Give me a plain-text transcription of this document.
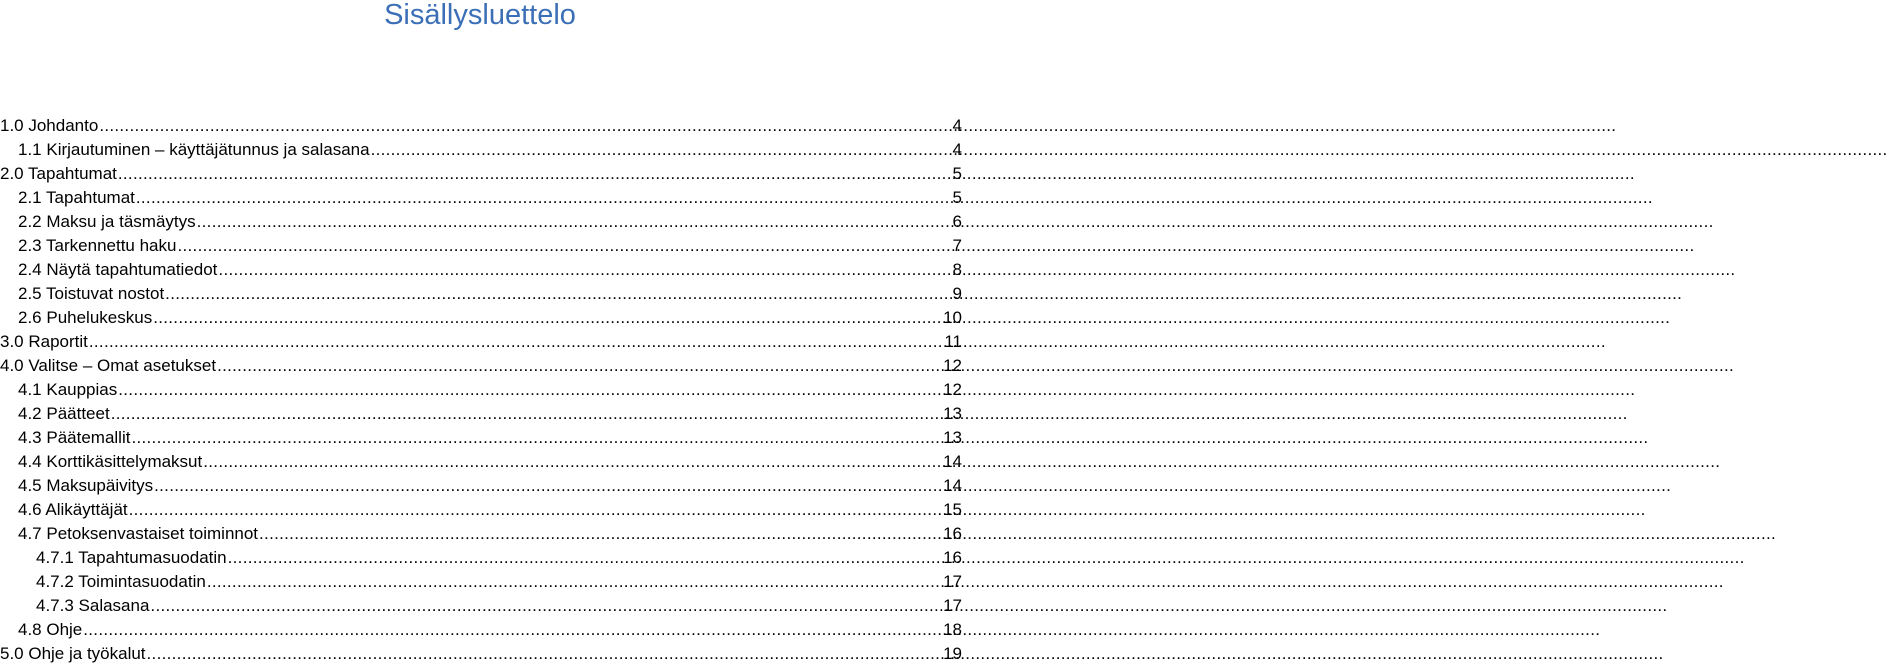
Sisällysluettelo
1.0 Johdanto .....	4
1.1 Kirjautuminen – käyttäjätunnus ja salasana .....	4
2.0 Tapahtumat .....	5
2.1 Tapahtumat .....	5
2.2 Maksu ja täsmäytys .....	6
2.3 Tarkennettu haku .....	7
2.4 Näytä tapahtumatiedot .....	8
2.5 Toistuvat nostot .....	9
2.6 Puhelukeskus .....	10
3.0 Raportit .....	11
4.0 Valitse – Omat asetukset .....	12
4.1 Kauppias .....	12
4.2 Päätteet .....	13
4.3 Päätemallit .....	13
4.4 Korttikäsittelymaksut .....	14
4.5 Maksupäivitys .....	14
4.6 Alikäyttäjät .....	15
4.7 Petoksenvastaiset toiminnot .....	16
4.7.1 Tapahtumasuodatin .....	16
4.7.2 Toimintasuodatin .....	17
4.7.3 Salasana .....	17
4.8 Ohje .....	18
5.0 Ohje ja työkalut .....	19
